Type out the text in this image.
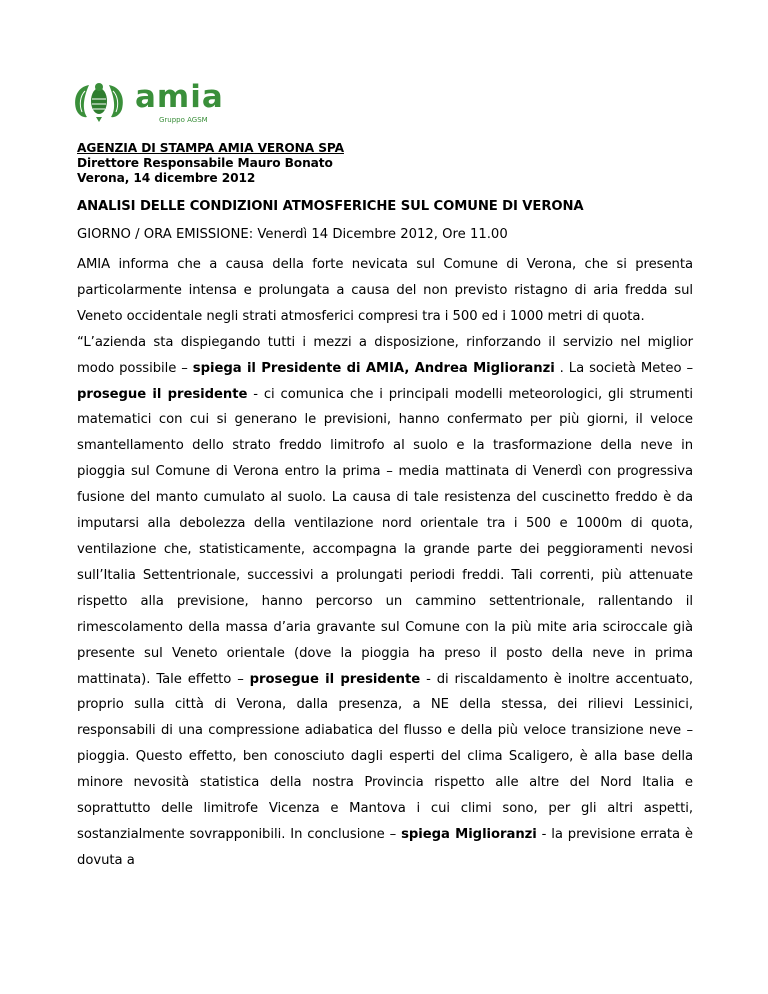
amia
Gruppo AGSM
AGENZIA DI STAMPA AMIA VERONA SPA
Direttore Responsabile Mauro Bonato
Verona, 14 dicembre 2012
ANALISI DELLE CONDIZIONI ATMOSFERICHE SUL COMUNE DI VERONA
GIORNO / ORA EMISSIONE: Venerdì 14 Dicembre 2012, Ore 11.00

AMIA informa che a causa della forte nevicata sul Comune di Verona, che si presenta particolarmente intensa e prolungata a causa del non previsto ristagno di aria fredda sul Veneto occidentale negli strati atmosferici compresi tra i 500 ed i 1000 metri di quota.

“L’azienda sta dispiegando tutti i mezzi a disposizione, rinforzando il servizio nel miglior modo possibile – spiega il Presidente di AMIA, Andrea Miglioranzi . La società Meteo – prosegue il presidente - ci comunica che i principali modelli meteorologici, gli strumenti matematici con cui si generano le previsioni, hanno confermato per più giorni, il veloce smantellamento dello strato freddo limitrofo al suolo e la trasformazione della neve in pioggia sul Comune di Verona entro la prima – media mattinata di Venerdì con progressiva fusione del manto cumulato al suolo. La causa di tale resistenza del cuscinetto freddo è da imputarsi alla debolezza della ventilazione nord orientale tra i 500 e 1000m di quota, ventilazione che, statisticamente, accompagna la grande parte dei peggioramenti nevosi sull’Italia Settentrionale, successivi a prolungati periodi freddi. Tali correnti, più attenuate rispetto alla previsione, hanno percorso un cammino settentrionale, rallentando il rimescolamento della massa d’aria gravante sul Comune con la più mite aria sciroccale già presente sul Veneto orientale (dove la pioggia ha preso il posto della neve in prima mattinata). Tale effetto – prosegue il presidente - di riscaldamento è inoltre accentuato, proprio sulla città di Verona, dalla presenza, a NE della stessa, dei rilievi Lessinici, responsabili di una compressione adiabatica del flusso e della più veloce transizione neve – pioggia. Questo effetto, ben conosciuto dagli esperti del clima Scaligero, è alla base della minore nevosità statistica della nostra Provincia rispetto alle altre del Nord Italia e soprattutto delle limitrofe Vicenza e Mantova i cui climi sono, per gli altri aspetti, sostanzialmente sovrapponibili. In conclusione – spiega Miglioranzi - la previsione errata è dovuta a
